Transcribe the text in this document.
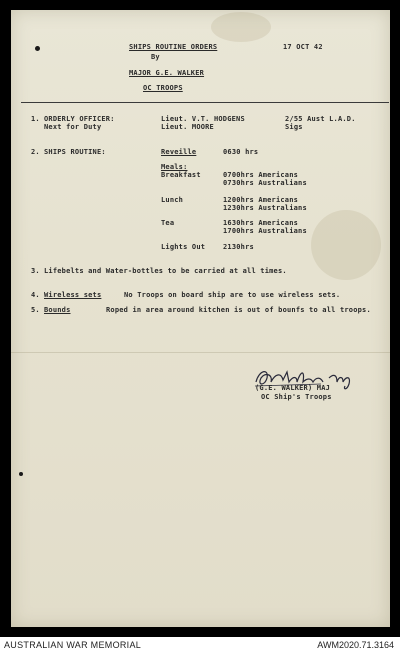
SHIPS ROUTINE ORDERS	17 OCT 42
By
MAJOR G.E. WALKER
OC TROOPS
1. ORDERLY OFFICER:
Next for Duty
Lieut. V.T. HODGENS	2/55 Aust L.A.D.
Lieut. MOORE	Sigs
2. SHIPS ROUTINE:	Reveille	0630 hrs
Meals:
Breakfast	0700hrs Americans
0730hrs Australians
Lunch	1200hrs Americans
1230hrs Australians
Tea	1630hrs Americans
1700hrs Australians
Lights Out	2130hrs
3. Lifebelts and Water-bottles to be carried at all times.
4. Wireless sets	No Troops on board ship are to use wireless sets.
5. Bounds	Roped in area around kitchen is out of bounfs to all troops.
(G.E. WALKER) MAJ
OC Ship's Troops
AUSTRALIAN WAR MEMORIAL	AWM2020.71.3164
